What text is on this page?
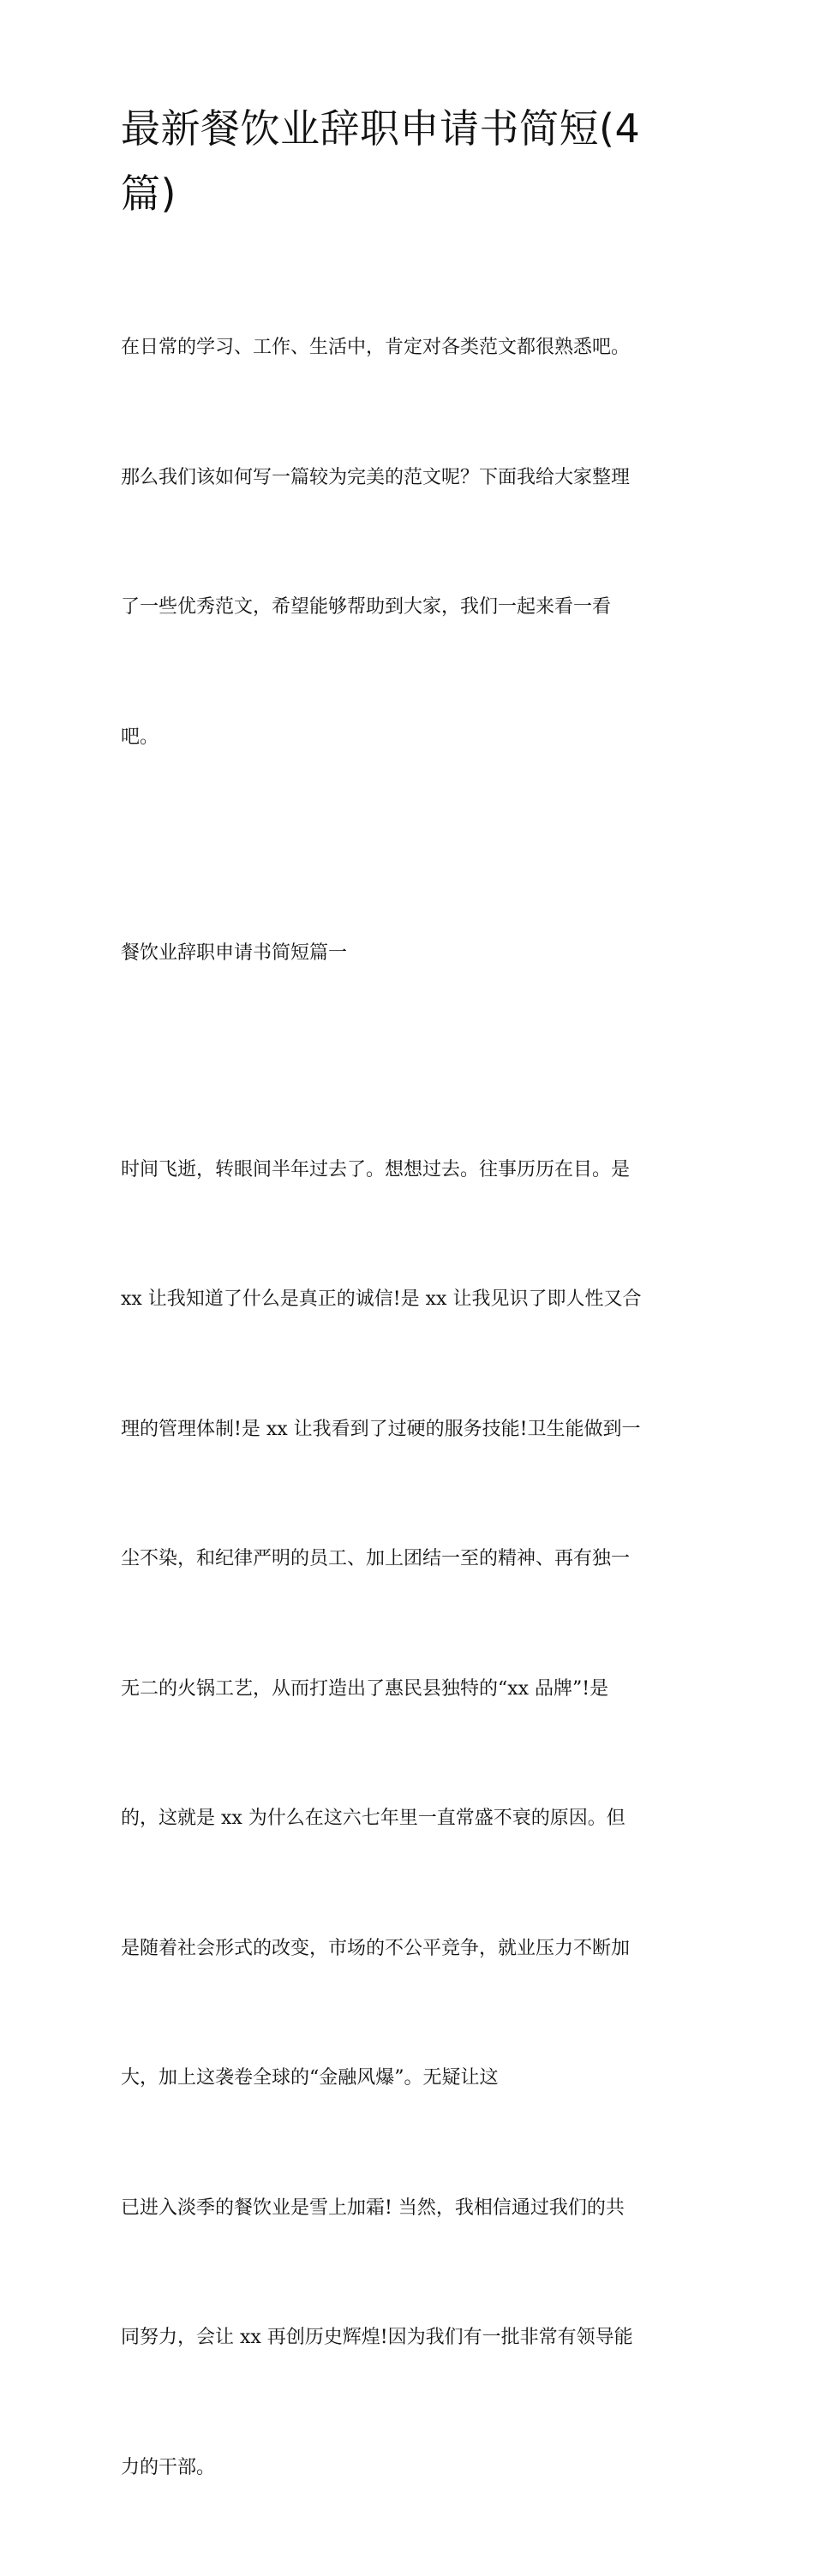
最新餐饮业辞职申请书简短(4
篇)

在日常的学习、工作、生活中，肯定对各类范文都很熟悉吧。

那么我们该如何写一篇较为完美的范文呢？下面我给大家整理

了一些优秀范文，希望能够帮助到大家，我们一起来看一看

吧。

餐饮业辞职申请书简短篇一

时间飞逝，转眼间半年过去了。想想过去。往事历历在目。是

xx 让我知道了什么是真正的诚信!是 xx 让我见识了即人性又合

理的管理体制!是 xx 让我看到了过硬的服务技能!卫生能做到一

尘不染，和纪律严明的员工、加上团结一至的精神、再有独一

无二的火锅工艺，从而打造出了惠民县独特的“xx 品牌”!是

的，这就是 xx 为什么在这六七年里一直常盛不衰的原因。但

是随着社会形式的改变，市场的不公平竞争，就业压力不断加

大，加上这袭卷全球的“金融风爆”。无疑让这

已进入淡季的餐饮业是雪上加霜! 当然，我相信通过我们的共

同努力，会让 xx 再创历史辉煌!因为我们有一批非常有领导能

力的干部。
